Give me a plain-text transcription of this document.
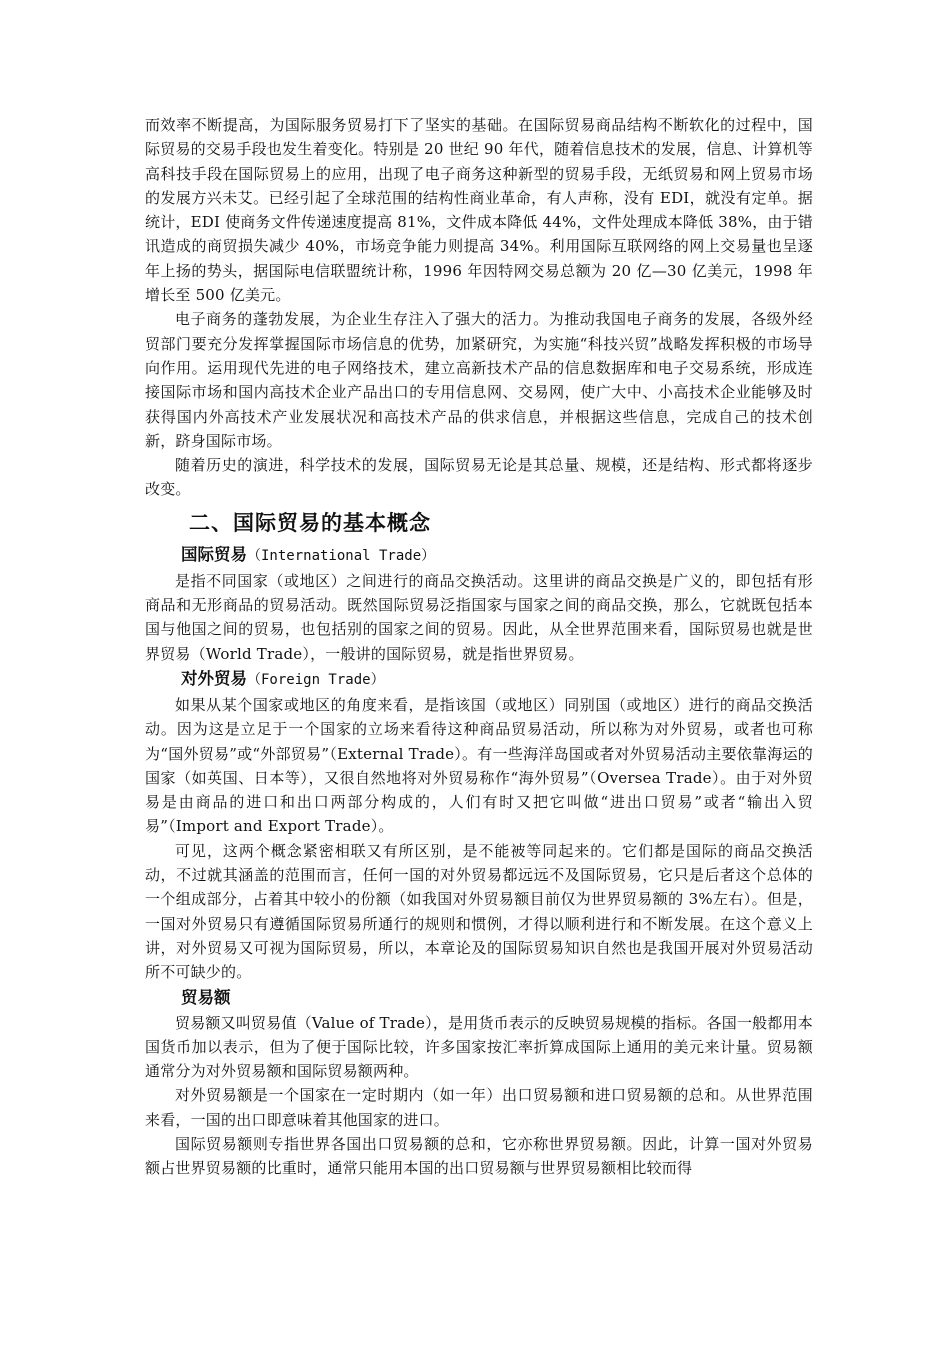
而效率不断提高，为国际服务贸易打下了坚实的基础。在国际贸易商品结构不断软化的过程中，国际贸易的交易手段也发生着变化。特别是 20 世纪 90 年代，随着信息技术的发展，信息、计算机等高科技手段在国际贸易上的应用，出现了电子商务这种新型的贸易手段，无纸贸易和网上贸易市场的发展方兴未艾。已经引起了全球范围的结构性商业革命，有人声称，没有 EDI，就没有定单。据统计，EDI 使商务文件传递速度提高 81%，文件成本降低 44%，文件处理成本降低 38%，由于错讯造成的商贸损失减少 40%，市场竞争能力则提高 34%。利用国际互联网络的网上交易量也呈逐年上扬的势头，据国际电信联盟统计称，1996 年因特网交易总额为 20 亿—30 亿美元，1998 年增长至 500 亿美元。

电子商务的蓬勃发展，为企业生存注入了强大的活力。为推动我国电子商务的发展，各级外经贸部门要充分发挥掌握国际市场信息的优势，加紧研究，为实施“科技兴贸”战略发挥积极的市场导向作用。运用现代先进的电子网络技术，建立高新技术产品的信息数据库和电子交易系统，形成连接国际市场和国内高技术企业产品出口的专用信息网、交易网，使广大中、小高技术企业能够及时获得国内外高技术产业发展状况和高技术产品的供求信息，并根据这些信息，完成自己的技术创新，跻身国际市场。

随着历史的演进，科学技术的发展，国际贸易无论是其总量、规模，还是结构、形式都将逐步改变。

二、国际贸易的基本概念
国际贸易（International Trade）

是指不同国家（或地区）之间进行的商品交换活动。这里讲的商品交换是广义的，即包括有形商品和无形商品的贸易活动。既然国际贸易泛指国家与国家之间的商品交换，那么，它就既包括本国与他国之间的贸易，也包括别的国家之间的贸易。因此，从全世界范围来看，国际贸易也就是世界贸易（World Trade），一般讲的国际贸易，就是指世界贸易。

对外贸易（Foreign Trade）

如果从某个国家或地区的角度来看，是指该国（或地区）同别国（或地区）进行的商品交换活动。因为这是立足于一个国家的立场来看待这种商品贸易活动，所以称为对外贸易，或者也可称为“国外贸易”或“外部贸易”（External Trade）。有一些海洋岛国或者对外贸易活动主要依靠海运的国家（如英国、日本等），又很自然地将对外贸易称作“海外贸易”（Oversea Trade）。由于对外贸易是由商品的进口和出口两部分构成的，人们有时又把它叫做“进出口贸易”或者“输出入贸易”（Import and Export Trade）。

可见，这两个概念紧密相联又有所区别，是不能被等同起来的。它们都是国际的商品交换活动，不过就其涵盖的范围而言，任何一国的对外贸易都远远不及国际贸易，它只是后者这个总体的一个组成部分，占着其中较小的份额（如我国对外贸易额目前仅为世界贸易额的 3%左右）。但是，一国对外贸易只有遵循国际贸易所通行的规则和惯例，才得以顺利进行和不断发展。在这个意义上讲，对外贸易又可视为国际贸易，所以，本章论及的国际贸易知识自然也是我国开展对外贸易活动所不可缺少的。

贸易额

贸易额又叫贸易值（Value of Trade），是用货币表示的反映贸易规模的指标。各国一般都用本国货币加以表示，但为了便于国际比较，许多国家按汇率折算成国际上通用的美元来计量。贸易额通常分为对外贸易额和国际贸易额两种。

对外贸易额是一个国家在一定时期内（如一年）出口贸易额和进口贸易额的总和。从世界范围来看，一国的出口即意味着其他国家的进口。

国际贸易额则专指世界各国出口贸易额的总和，它亦称世界贸易额。因此，计算一国对外贸易额占世界贸易额的比重时，通常只能用本国的出口贸易额与世界贸易额相比较而得
